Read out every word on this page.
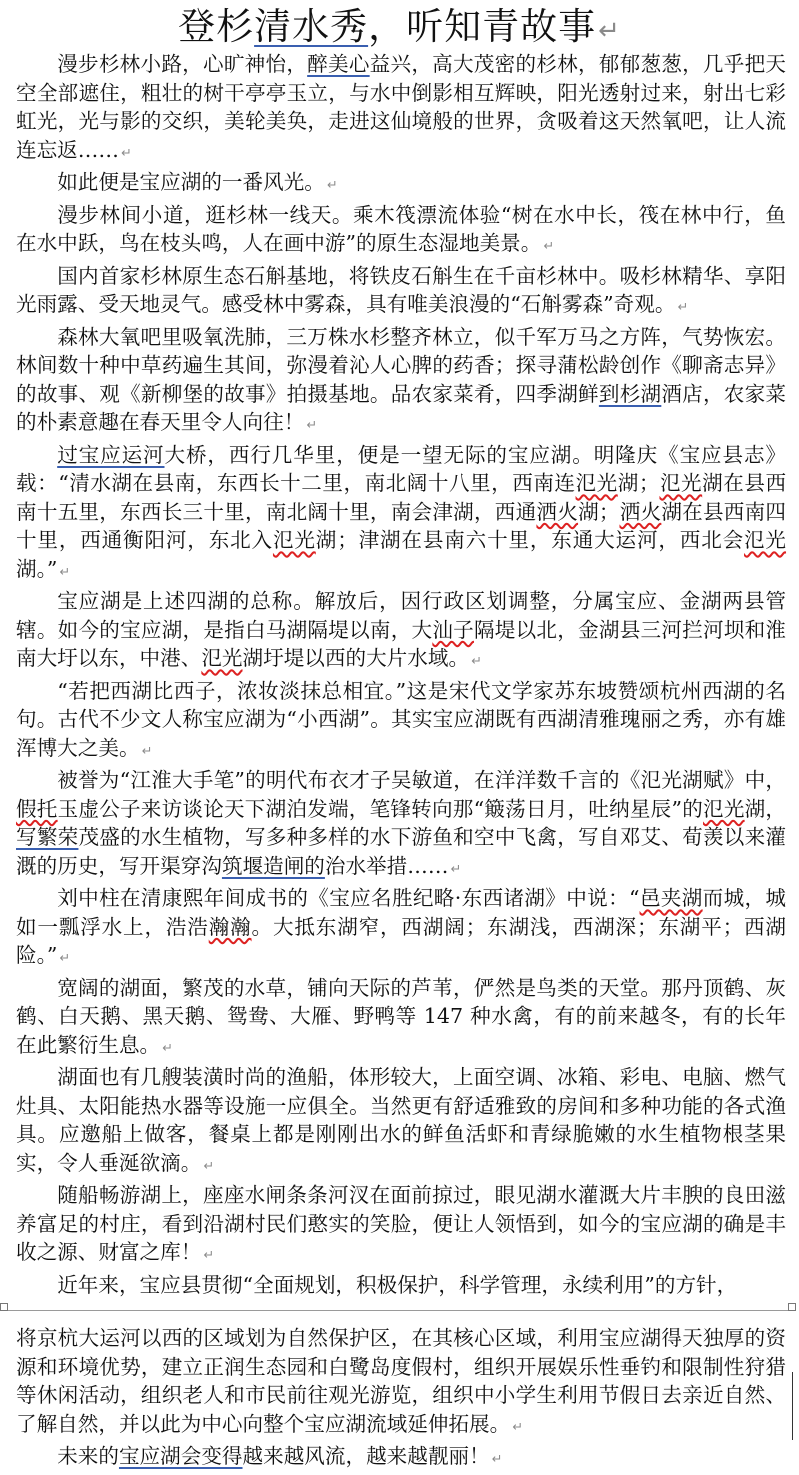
登杉清水秀，听知青故事↵

漫步杉林小路，心旷神怡，醉美心益兴，高大茂密的杉林，郁郁葱葱，几乎把天空全部遮住，粗壮的树干亭亭玉立，与水中倒影相互辉映，阳光透射过来，射出七彩虹光，光与影的交织，美轮美奂，走进这仙境般的世界，贪吸着这天然氧吧，让人流连忘返…… ↵

如此便是宝应湖的一番风光。 ↵

漫步林间小道，逛杉林一线天。乘木筏漂流体验“树在水中长，筏在林中行，鱼在水中跃，鸟在枝头鸣，人在画中游”的原生态湿地美景。 ↵

国内首家杉林原生态石斛基地，将铁皮石斛生在千亩杉林中。吸杉林精华、享阳光雨露、受天地灵气。感受林中雾森，具有唯美浪漫的“石斛雾森”奇观。 ↵

森林大氧吧里吸氧洗肺，三万株水杉整齐林立，似千军万马之方阵，气势恢宏。林间数十种中草药遍生其间，弥漫着沁人心脾的药香；探寻蒲松龄创作《聊斋志异》的故事、观《新柳堡的故事》拍摄基地。品农家菜肴，四季湖鲜到杉湖酒店，农家菜的朴素意趣在春天里令人向往！ ↵

过宝应运河大桥，西行几华里，便是一望无际的宝应湖。明隆庆《宝应县志》载：“清水湖在县南，东西长十二里，南北阔十八里，西南连氾光湖；氾光湖在县西南十五里，东西长三十里，南北阔十里，南会津湖，西通洒火湖；洒火湖在县西南四十里，西通衡阳河，东北入氾光湖；津湖在县南六十里，东通大运河，西北会氾光湖。” ↵

宝应湖是上述四湖的总称。解放后，因行政区划调整，分属宝应、金湖两县管辖。如今的宝应湖，是指白马湖隔堤以南，大汕子隔堤以北，金湖县三河拦河坝和淮南大圩以东，中港、氾光湖圩堤以西的大片水域。 ↵

“若把西湖比西子，浓妆淡抹总相宜。”这是宋代文学家苏东坡赞颂杭州西湖的名句。古代不少文人称宝应湖为“小西湖”。其实宝应湖既有西湖清雅瑰丽之秀，亦有雄浑博大之美。 ↵

被誉为“江淮大手笔”的明代布衣才子吴敏道，在洋洋数千言的《氾光湖赋》中，假托玉虚公子来访谈论天下湖泊发端，笔锋转向那“簸荡日月，吐纳星辰”的氾光湖，写繁荣茂盛的水生植物，写多种多样的水下游鱼和空中飞禽，写自邓艾、荀羡以来灌溉的历史，写开渠穿沟筑堰造闸的治水举措…… ↵

刘中柱在清康熙年间成书的《宝应名胜纪略·东西诸湖》中说：“邑夹湖而城，城如一瓢浮水上，浩浩瀚瀚。大抵东湖窄，西湖阔；东湖浅，西湖深；东湖平；西湖险。” ↵

宽阔的湖面，繁茂的水草，铺向天际的芦苇，俨然是鸟类的天堂。那丹顶鹤、灰鹤、白天鹅、黑天鹅、鸳鸯、大雁、野鸭等 147 种水禽，有的前来越冬，有的长年在此繁衍生息。 ↵

湖面也有几艘装潢时尚的渔船，体形较大，上面空调、冰箱、彩电、电脑、燃气灶具、太阳能热水器等设施一应俱全。当然更有舒适雅致的房间和多种功能的各式渔具。应邀船上做客，餐桌上都是刚刚出水的鲜鱼活虾和青绿脆嫩的水生植物根茎果实，令人垂涎欲滴。 ↵

随船畅游湖上，座座水闸条条河汊在面前掠过，眼见湖水灌溉大片丰腴的良田滋养富足的村庄，看到沿湖村民们憨实的笑脸，便让人领悟到，如今的宝应湖的确是丰收之源、财富之库！ ↵

近年来，宝应县贯彻“全面规划，积极保护，科学管理，永续利用”的方针，

将京杭大运河以西的区域划为自然保护区，在其核心区域，利用宝应湖得天独厚的资源和环境优势，建立正润生态园和白鹭岛度假村，组织开展娱乐性垂钓和限制性狩猎等休闲活动，组织老人和市民前往观光游览，组织中小学生利用节假日去亲近自然、了解自然，并以此为中心向整个宝应湖流域延伸拓展。 ↵

未来的宝应湖会变得越来越风流，越来越靓丽！ ↵
